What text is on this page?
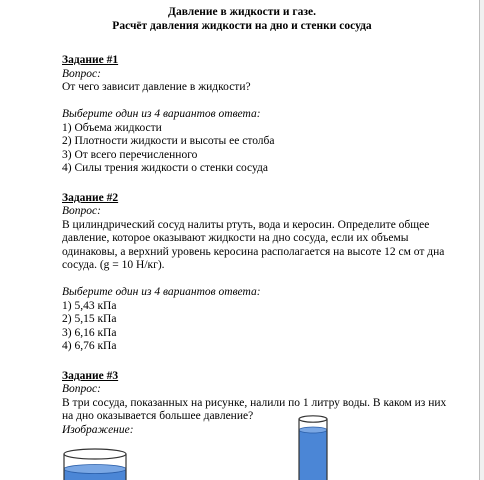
Давление в жидкости и газе.
Расчёт давления жидкости на дно и стенки сосуда
Задание #1
Вопрос:
От чего зависит давление в жидкости?
Выберите один из 4 вариантов ответа:
1) Объема жидкости
2) Плотности жидкости и высоты ее столба
3) От всего перечисленного
4) Силы трения жидкости о стенки сосуда
Задание #2
Вопрос:
В цилиндрический сосуд налиты ртуть, вода и керосин. Определите общее
давление, которое оказывают жидкости на дно сосуда, если их объемы
одинаковы, а верхний уровень керосина располагается на высоте 12 см от дна
сосуда. (g = 10 Н/кг).
Выберите один из 4 вариантов ответа:
1) 5,43 кПа
2) 5,15 кПа
3) 6,16 кПа
4) 6,76 кПа
Задание #3
Вопрос:
В три сосуда, показанных на рисунке, налили по 1 литру воды. В каком из них
на дно оказывается большее давление?
Изображение:
